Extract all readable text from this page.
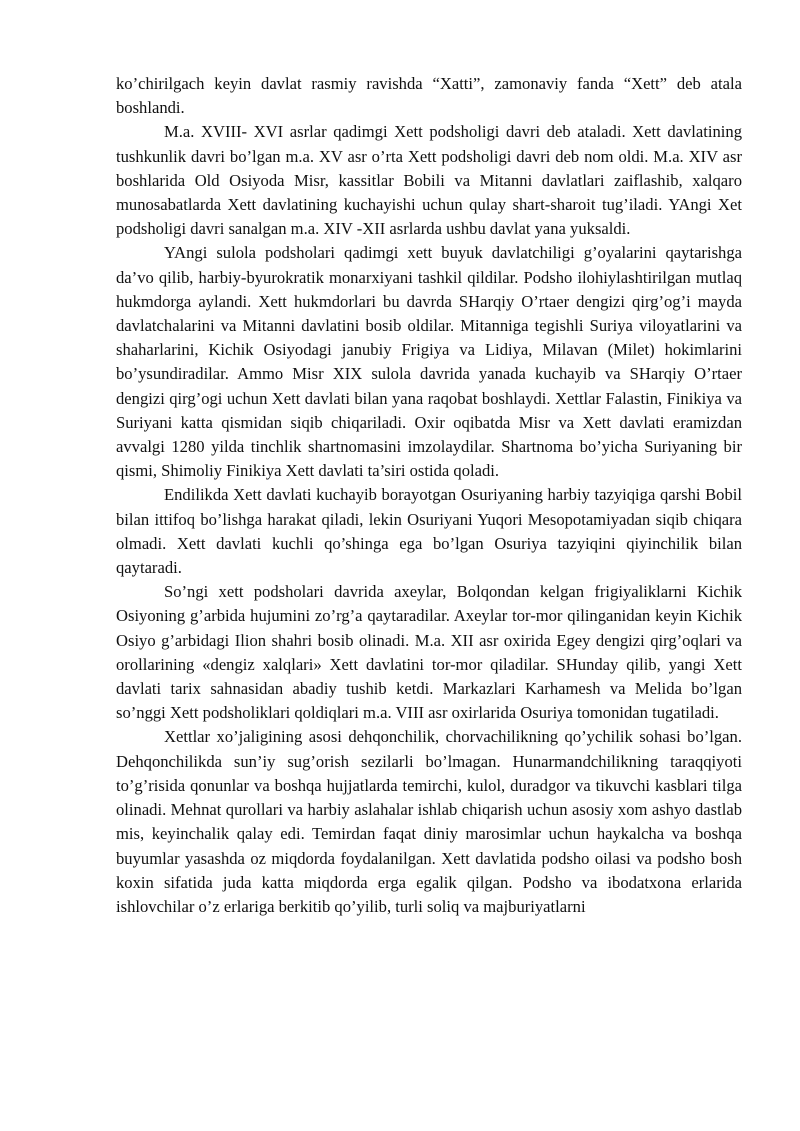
ko’chirilgach keyin davlat rasmiy ravishda “Xatti”, zamonaviy fanda “Xett” deb atala boshlandi.

M.a. XVIII- XVI asrlar qadimgi Xett podsholigi davri deb ataladi. Xett davlatining tushkunlik davri bo’lgan m.a. XV asr o’rta Xett podsholigi davri deb nom oldi. M.a. XIV asr boshlarida Old Osiyoda Misr, kassitlar Bobili va Mitanni davlatlari zaiflashib, xalqaro munosabatlarda Xett davlatining kuchayishi uchun qulay shart-sharoit tug’iladi. YAngi Xet podsholigi davri sanalgan m.a. XIV -XII asrlarda ushbu davlat yana yuksaldi.

YAngi sulola podsholari qadimgi xett buyuk davlatchiligi g’oyalarini qaytarishga da’vo qilib, harbiy-byurokratik monarxiyani tashkil qildilar. Podsho ilohiylashtirilgan mutlaq hukmdorga aylandi. Xett hukmdorlari bu davrda SHarqiy O’rtaer dengizi qirg’og’i mayda davlatchalarini va Mitanni davlatini bosib oldilar. Mitanniga tegishli Suriya viloyatlarini va shaharlarini, Kichik Osiyodagi janubiy Frigiya va Lidiya, Milavan (Milet) hokimlarini bo’ysundiradilar. Ammo Misr XIX sulola davrida yanada kuchayib va SHarqiy O’rtaer dengizi qirg’ogi uchun Xett davlati bilan yana raqobat boshlaydi. Xettlar Falastin, Finikiya va Suriyani katta qismidan siqib chiqariladi. Oxir oqibatda Misr va Xett davlati eramizdan avvalgi 1280 yilda tinchlik shartnomasini imzolaydilar. Shartnoma bo’yicha Suriyaning bir qismi, Shimoliy Finikiya Xett davlati ta’siri ostida qoladi.

Endilikda Xett davlati kuchayib borayotgan Osuriyaning harbiy tazyiqiga qarshi Bobil bilan ittifoq bo’lishga harakat qiladi, lekin Osuriyani Yuqori Mesopotamiyadan siqib chiqara olmadi. Xett davlati kuchli qo’shinga ega bo’lgan Osuriya tazyiqini qiyinchilik bilan qaytaradi.

So’ngi xett podsholari davrida axeylar, Bolqondan kelgan frigiyaliklarni Kichik Osiyoning g’arbida hujumini zo’rg’a qaytaradilar. Axeylar tor-mor qilinganidan keyin Kichik Osiyo g’arbidagi Ilion shahri bosib olinadi. M.a. XII asr oxirida Egey dengizi qirg’oqlari va orollarining «dengiz xalqlari» Xett davlatini tor-mor qiladilar. SHunday qilib, yangi Xett davlati tarix sahnasidan abadiy tushib ketdi. Markazlari Karhamesh va Melida bo’lgan so’nggi Xett podsholiklari qoldiqlari m.a. VIII asr oxirlarida Osuriya tomonidan tugatiladi.

Xettlar xo’jaligining asosi dehqonchilik, chorvachilikning qo’ychilik sohasi bo’lgan. Dehqonchilikda sun’iy sug’orish sezilarli bo’lmagan. Hunarmandchilikning taraqqiyoti to’g’risida qonunlar va boshqa hujjatlarda temirchi, kulol, duradgor va tikuvchi kasblari tilga olinadi. Mehnat qurollari va harbiy aslahalar ishlab chiqarish uchun asosiy xom ashyo dastlab mis, keyinchalik qalay edi. Temirdan faqat diniy marosimlar uchun haykalcha va boshqa buyumlar yasashda oz miqdorda foydalanilgan. Xett davlatida podsho oilasi va podsho bosh koxin sifatida juda katta miqdorda erga egalik qilgan. Podsho va ibodatxona erlarida ishlovchilar o’z erlariga berkitib qo’yilib, turli soliq va majburiyatlarni
